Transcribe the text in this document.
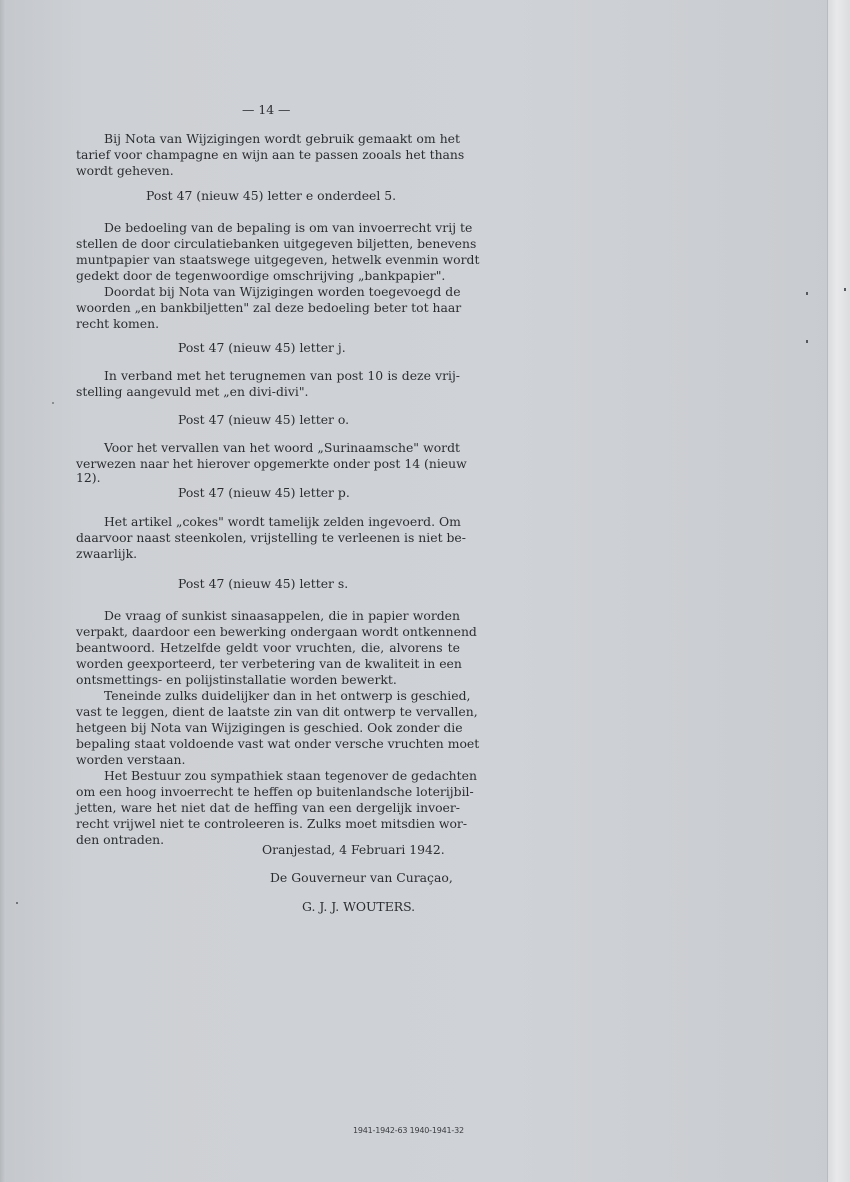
— 14 —
Bij Nota van Wijzigingen wordt gebruik gemaakt om het
tarief voor champagne en wijn aan te passen zooals het thans
wordt geheven.
Post 47 (nieuw 45) letter e onderdeel 5.
De bedoeling van de bepaling is om van invoerrecht vrij te
stellen de door circulatiebanken uitgegeven biljetten, benevens
muntpapier van staatswege uitgegeven, hetwelk evenmin wordt
gedekt door de tegenwoordige omschrijving „bankpapier".
Doordat bij Nota van Wijzigingen worden toegevoegd de
woorden „en bankbiljetten" zal deze bedoeling beter tot haar
recht komen.
Post 47 (nieuw 45) letter j.
In verband met het terugnemen van post 10 is deze vrij-
stelling aangevuld met „en divi-divi".
Post 47 (nieuw 45) letter o.
Voor het vervallen van het woord „Surinaamsche" wordt
verwezen naar het hierover opgemerkte onder post 14 (nieuw
12).
Post 47 (nieuw 45) letter p.
Het artikel „cokes" wordt tamelijk zelden ingevoerd. Om
daarvoor naast steenkolen, vrijstelling te verleenen is niet be-
zwaarlijk.
Post 47 (nieuw 45) letter s.
De vraag of sunkist sinaasappelen, die in papier worden
verpakt, daardoor een bewerking ondergaan wordt ontkennend
beantwoord. Hetzelfde geldt voor vruchten, die, alvorens te
worden geexporteerd, ter verbetering van de kwaliteit in een
ontsmettings- en polijstinstallatie worden bewerkt.
Teneinde zulks duidelijker dan in het ontwerp is geschied,
vast te leggen, dient de laatste zin van dit ontwerp te vervallen,
hetgeen bij Nota van Wijzigingen is geschied. Ook zonder die
bepaling staat voldoende vast wat onder versche vruchten moet
worden verstaan.
Het Bestuur zou sympathiek staan tegenover de gedachten
om een hoog invoerrecht te heffen op buitenlandsche loterijbil-
jetten, ware het niet dat de heffing van een dergelijk invoer-
recht vrijwel niet te controleeren is. Zulks moet mitsdien wor-
den ontraden.
Oranjestad, 4 Februari 1942.
De Gouverneur van Curaçao,
G. J. J. WOUTERS.
1941-1942-63 1940-1941-32
